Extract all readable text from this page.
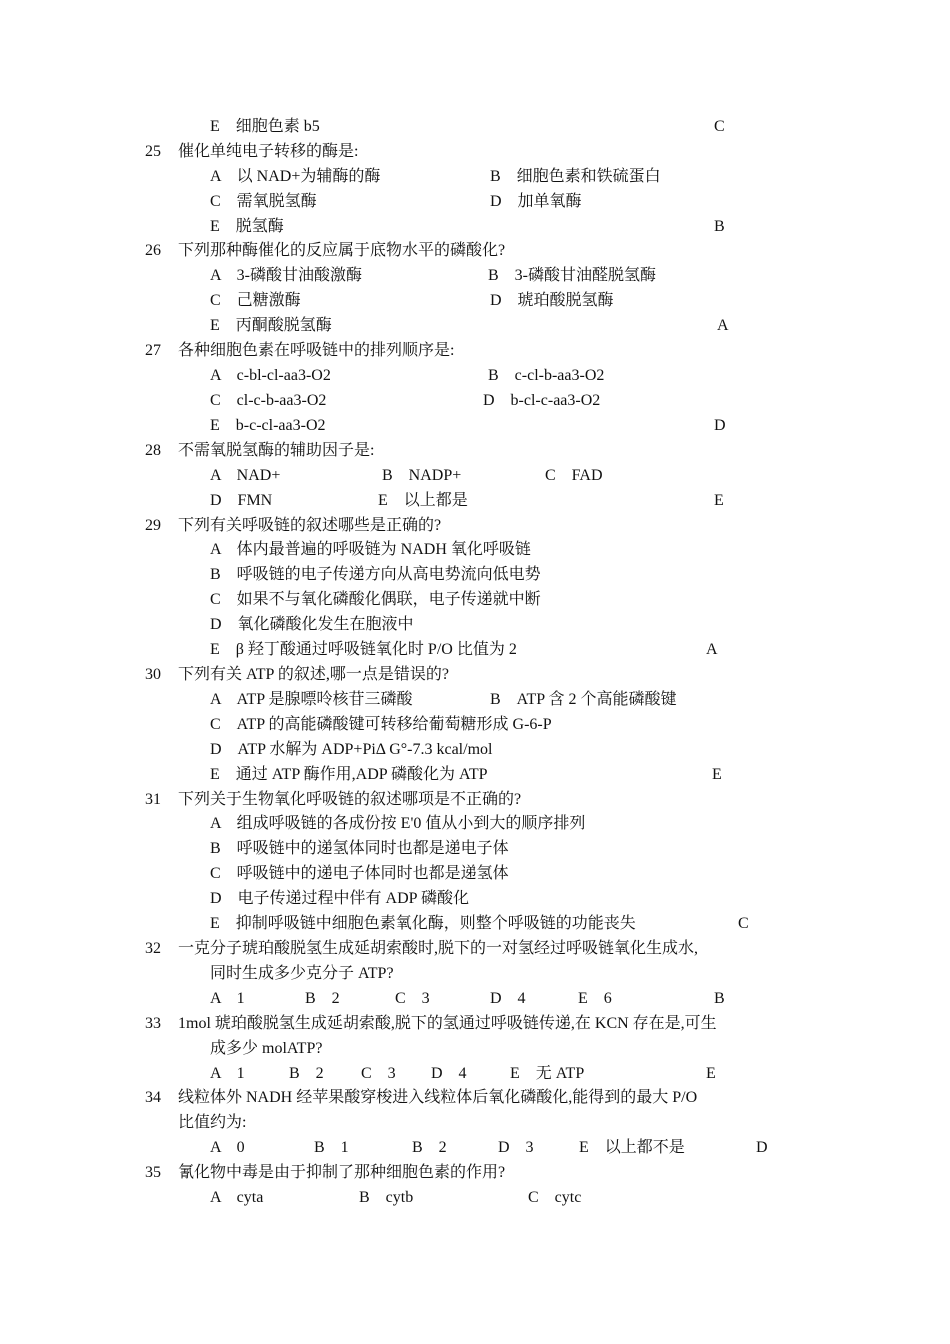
E　细胞色素 b5	C
25 催化单纯电子转移的酶是:
A　以 NAD+为辅酶的酶	B　细胞色素和铁硫蛋白
C　需氧脱氢酶	D　加单氧酶
E　脱氢酶	B
26 下列那种酶催化的反应属于底物水平的磷酸化?
A　3-磷酸甘油酸激酶	B　3-磷酸甘油醛脱氢酶
C　己糖激酶	D　琥珀酸脱氢酶
E　丙酮酸脱氢酶	A
27 各种细胞色素在呼吸链中的排列顺序是:
A　c-bl-cl-aa3-O2	B　c-cl-b-aa3-O2
C　cl-c-b-aa3-O2	D　b-cl-c-aa3-O2
E　b-c-cl-aa3-O2	D
28 不需氧脱氢酶的辅助因子是:
A　NAD+	B　NADP+	C　FAD
D　FMN	E　以上都是	E
29 下列有关呼吸链的叙述哪些是正确的?
A　体内最普遍的呼吸链为 NADH 氧化呼吸链
B　呼吸链的电子传递方向从高电势流向低电势
C　如果不与氧化磷酸化偶联，电子传递就中断
D　氧化磷酸化发生在胞液中
E　β 羟丁酸通过呼吸链氧化时 P/O 比值为 2	A
30 下列有关 ATP 的叙述,哪一点是错误的?
A　ATP 是腺嘌呤核苷三磷酸	B　ATP 含 2 个高能磷酸键
C　ATP 的高能磷酸键可转移给葡萄糖形成 G-6-P
D　ATP 水解为 ADP+PiΔ G°-7.3 kcal/mol
E　通过 ATP 酶作用,ADP 磷酸化为 ATP	E
31 下列关于生物氧化呼吸链的叙述哪项是不正确的?
A　组成呼吸链的各成份按 E'0 值从小到大的顺序排列
B　呼吸链中的递氢体同时也都是递电子体
C　呼吸链中的递电子体同时也都是递氢体
D　电子传递过程中伴有 ADP 磷酸化
E　抑制呼吸链中细胞色素氧化酶，则整个呼吸链的功能丧失	C
32 一克分子琥珀酸脱氢生成延胡索酸时,脱下的一对氢经过呼吸链氧化生成水,
同时生成多少克分子 ATP?
A　1	B　2	C　3	D　4	E　6	B
33 1mol 琥珀酸脱氢生成延胡索酸,脱下的氢通过呼吸链传递,在 KCN 存在是,可生
成多少 molATP?
A　1	B　2 C　3 D　4	E　无 ATP	E
34 线粒体外 NADH 经苹果酸穿梭进入线粒体后氧化磷酸化,能得到的最大 P/O
比值约为:
A　0	B　1	B　2	D　3	E　以上都不是	D
35 氰化物中毒是由于抑制了那种细胞色素的作用?
A　cyta	B　cytb	C　cytc
